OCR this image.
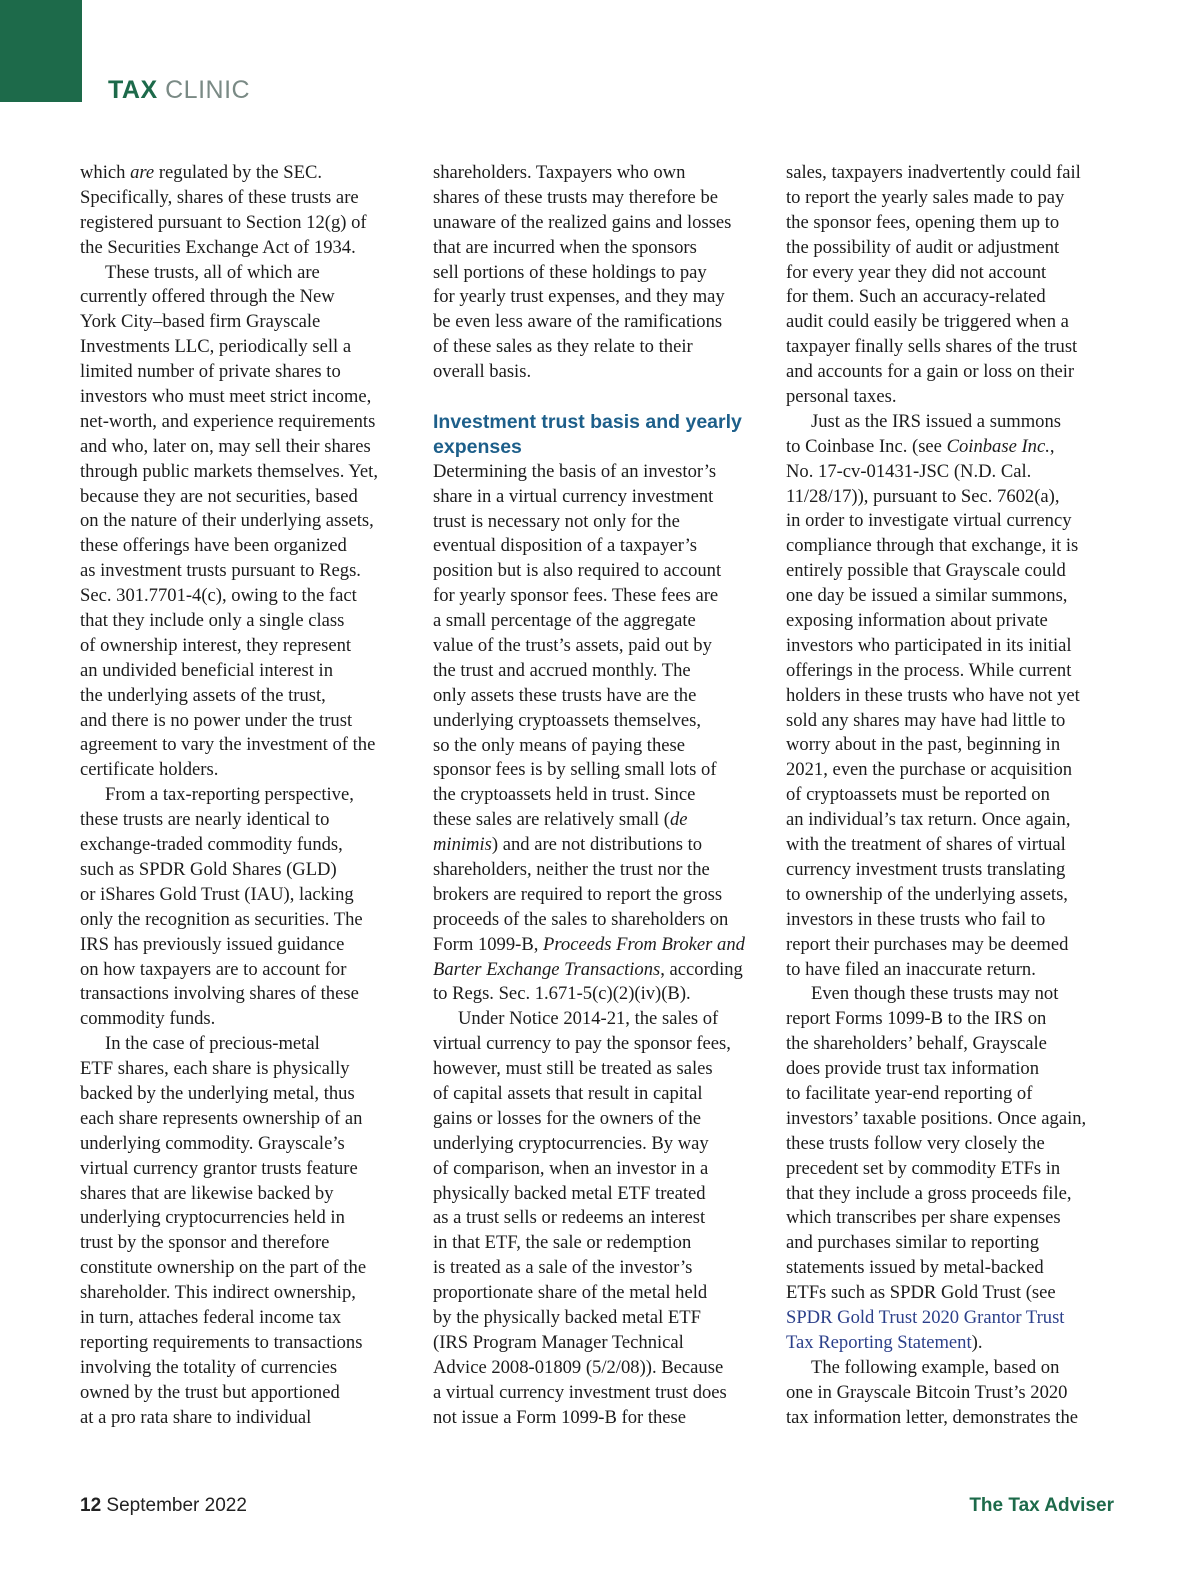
TAX CLINIC
which are regulated by the SEC.
Specifically, shares of these trusts are
registered pursuant to Section 12(g) of
the Securities Exchange Act of 1934.
These trusts, all of which are
currently offered through the New
York City–based firm Grayscale
Investments LLC, periodically sell a
limited number of private shares to
investors who must meet strict income,
net-worth, and experience requirements
and who, later on, may sell their shares
through public markets themselves. Yet,
because they are not securities, based
on the nature of their underlying assets,
these offerings have been organized
as investment trusts pursuant to Regs.
Sec. 301.7701-4(c), owing to the fact
that they include only a single class
of ownership interest, they represent
an undivided beneficial interest in
the underlying assets of the trust,
and there is no power under the trust
agreement to vary the investment of the
certificate holders.
From a tax-reporting perspective,
these trusts are nearly identical to
exchange-traded commodity funds,
such as SPDR Gold Shares (GLD)
or iShares Gold Trust (IAU), lacking
only the recognition as securities. The
IRS has previously issued guidance
on how taxpayers are to account for
transactions involving shares of these
commodity funds.
In the case of precious-metal
ETF shares, each share is physically
backed by the underlying metal, thus
each share represents ownership of an
underlying commodity. Grayscale’s
virtual currency grantor trusts feature
shares that are likewise backed by
underlying cryptocurrencies held in
trust by the sponsor and therefore
constitute ownership on the part of the
shareholder. This indirect ownership,
in turn, attaches federal income tax
reporting requirements to transactions
involving the totality of currencies
owned by the trust but apportioned
at a pro rata share to individual
shareholders. Taxpayers who own
shares of these trusts may therefore be
unaware of the realized gains and losses
that are incurred when the sponsors
sell portions of these holdings to pay
for yearly trust expenses, and they may
be even less aware of the ramifications
of these sales as they relate to their
overall basis.
Investment trust basis and yearly
expenses
Determining the basis of an investor’s
share in a virtual currency investment
trust is necessary not only for the
eventual disposition of a taxpayer’s
position but is also required to account
for yearly sponsor fees. These fees are
a small percentage of the aggregate
value of the trust’s assets, paid out by
the trust and accrued monthly. The
only assets these trusts have are the
underlying cryptoassets themselves,
so the only means of paying these
sponsor fees is by selling small lots of
the cryptoassets held in trust. Since
these sales are relatively small (de
minimis) and are not distributions to
shareholders, neither the trust nor the
brokers are required to report the gross
proceeds of the sales to shareholders on
Form 1099-B, Proceeds From Broker and
Barter Exchange Transactions, according
to Regs. Sec. 1.671-5(c)(2)(iv)(B).
Under Notice 2014-21, the sales of
virtual currency to pay the sponsor fees,
however, must still be treated as sales
of capital assets that result in capital
gains or losses for the owners of the
underlying cryptocurrencies. By way
of comparison, when an investor in a
physically backed metal ETF treated
as a trust sells or redeems an interest
in that ETF, the sale or redemption
is treated as a sale of the investor’s
proportionate share of the metal held
by the physically backed metal ETF
(IRS Program Manager Technical
Advice 2008-01809 (5/2/08)). Because
a virtual currency investment trust does
not issue a Form 1099-B for these
sales, taxpayers inadvertently could fail
to report the yearly sales made to pay
the sponsor fees, opening them up to
the possibility of audit or adjustment
for every year they did not account
for them. Such an accuracy-related
audit could easily be triggered when a
taxpayer finally sells shares of the trust
and accounts for a gain or loss on their
personal taxes.
Just as the IRS issued a summons
to Coinbase Inc. (see Coinbase Inc.,
No. 17-cv-01431-JSC (N.D. Cal.
11/28/17)), pursuant to Sec. 7602(a),
in order to investigate virtual currency
compliance through that exchange, it is
entirely possible that Grayscale could
one day be issued a similar summons,
exposing information about private
investors who participated in its initial
offerings in the process. While current
holders in these trusts who have not yet
sold any shares may have had little to
worry about in the past, beginning in
2021, even the purchase or acquisition
of cryptoassets must be reported on
an individual’s tax return. Once again,
with the treatment of shares of virtual
currency investment trusts translating
to ownership of the underlying assets,
investors in these trusts who fail to
report their purchases may be deemed
to have filed an inaccurate return.
Even though these trusts may not
report Forms 1099-B to the IRS on
the shareholders’ behalf, Grayscale
does provide trust tax information
to facilitate year-end reporting of
investors’ taxable positions. Once again,
these trusts follow very closely the
precedent set by commodity ETFs in
that they include a gross proceeds file,
which transcribes per share expenses
and purchases similar to reporting
statements issued by metal-backed
ETFs such as SPDR Gold Trust (see
SPDR Gold Trust 2020 Grantor Trust
Tax Reporting Statement).
The following example, based on
one in Grayscale Bitcoin Trust’s 2020
tax information letter, demonstrates the
12 September 2022	The Tax Adviser
